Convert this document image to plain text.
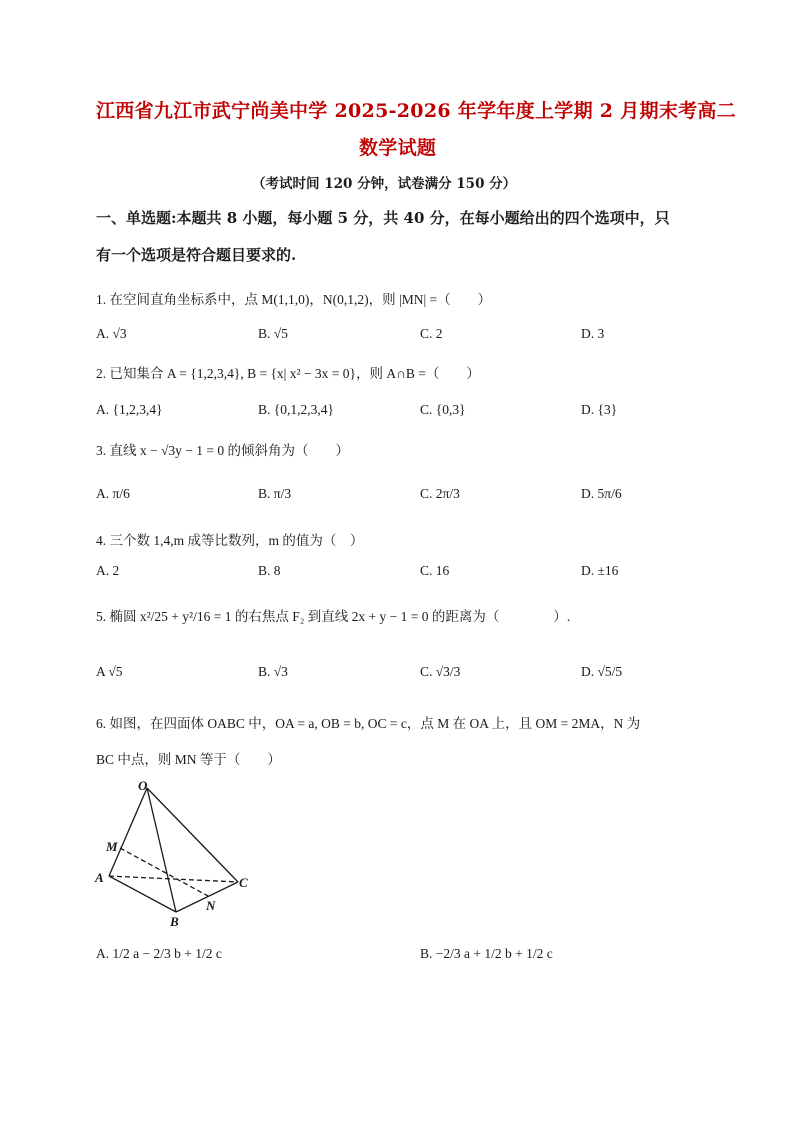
江西省九江市武宁尚美中学 2025-2026 年学年度上学期 2 月期末考高二
数学试题
（考试时间 120 分钟，试卷满分 150 分）
一、单选题:本题共 8 小题，每小题 5 分，共 40 分，在每小题给出的四个选项中，只
有一个选项是符合题目要求的.
1. 在空间直角坐标系中，点 M(1,1,0)，N(0,1,2)，则 |MN| =（　　）
A. √3	B. √5	C. 2	D. 3
2. 已知集合 A = {1,2,3,4}, B = {x| x² − 3x = 0}，则 A∩B =（　　）
A. {1,2,3,4}	B. {0,1,2,3,4}	C. {0,3}	D. {3}
3. 直线 x − √3y − 1 = 0 的倾斜角为（　　）
A. π/6	B. π/3	C. 2π/3	D. 5π/6
4. 三个数 1,4,m 成等比数列，m 的值为（　）
A. 2	B. 8	C. 16	D. ±16
5. 椭圆 x²/25 + y²/16 = 1 的右焦点 F₂ 到直线 2x + y − 1 = 0 的距离为（　　　　）.
A √5	B. √3	C. √3/3	D. √5/5
6. 如图，在四面体 OABC 中，OA = a, OB = b, OC = c，点 M 在 OA 上，且 OM = 2MA，N 为
BC 中点，则 MN 等于（　　）
O
M
A
B
N
C
A. 1/2 a − 2/3 b + 1/2 c	B. −2/3 a + 1/2 b + 1/2 c
